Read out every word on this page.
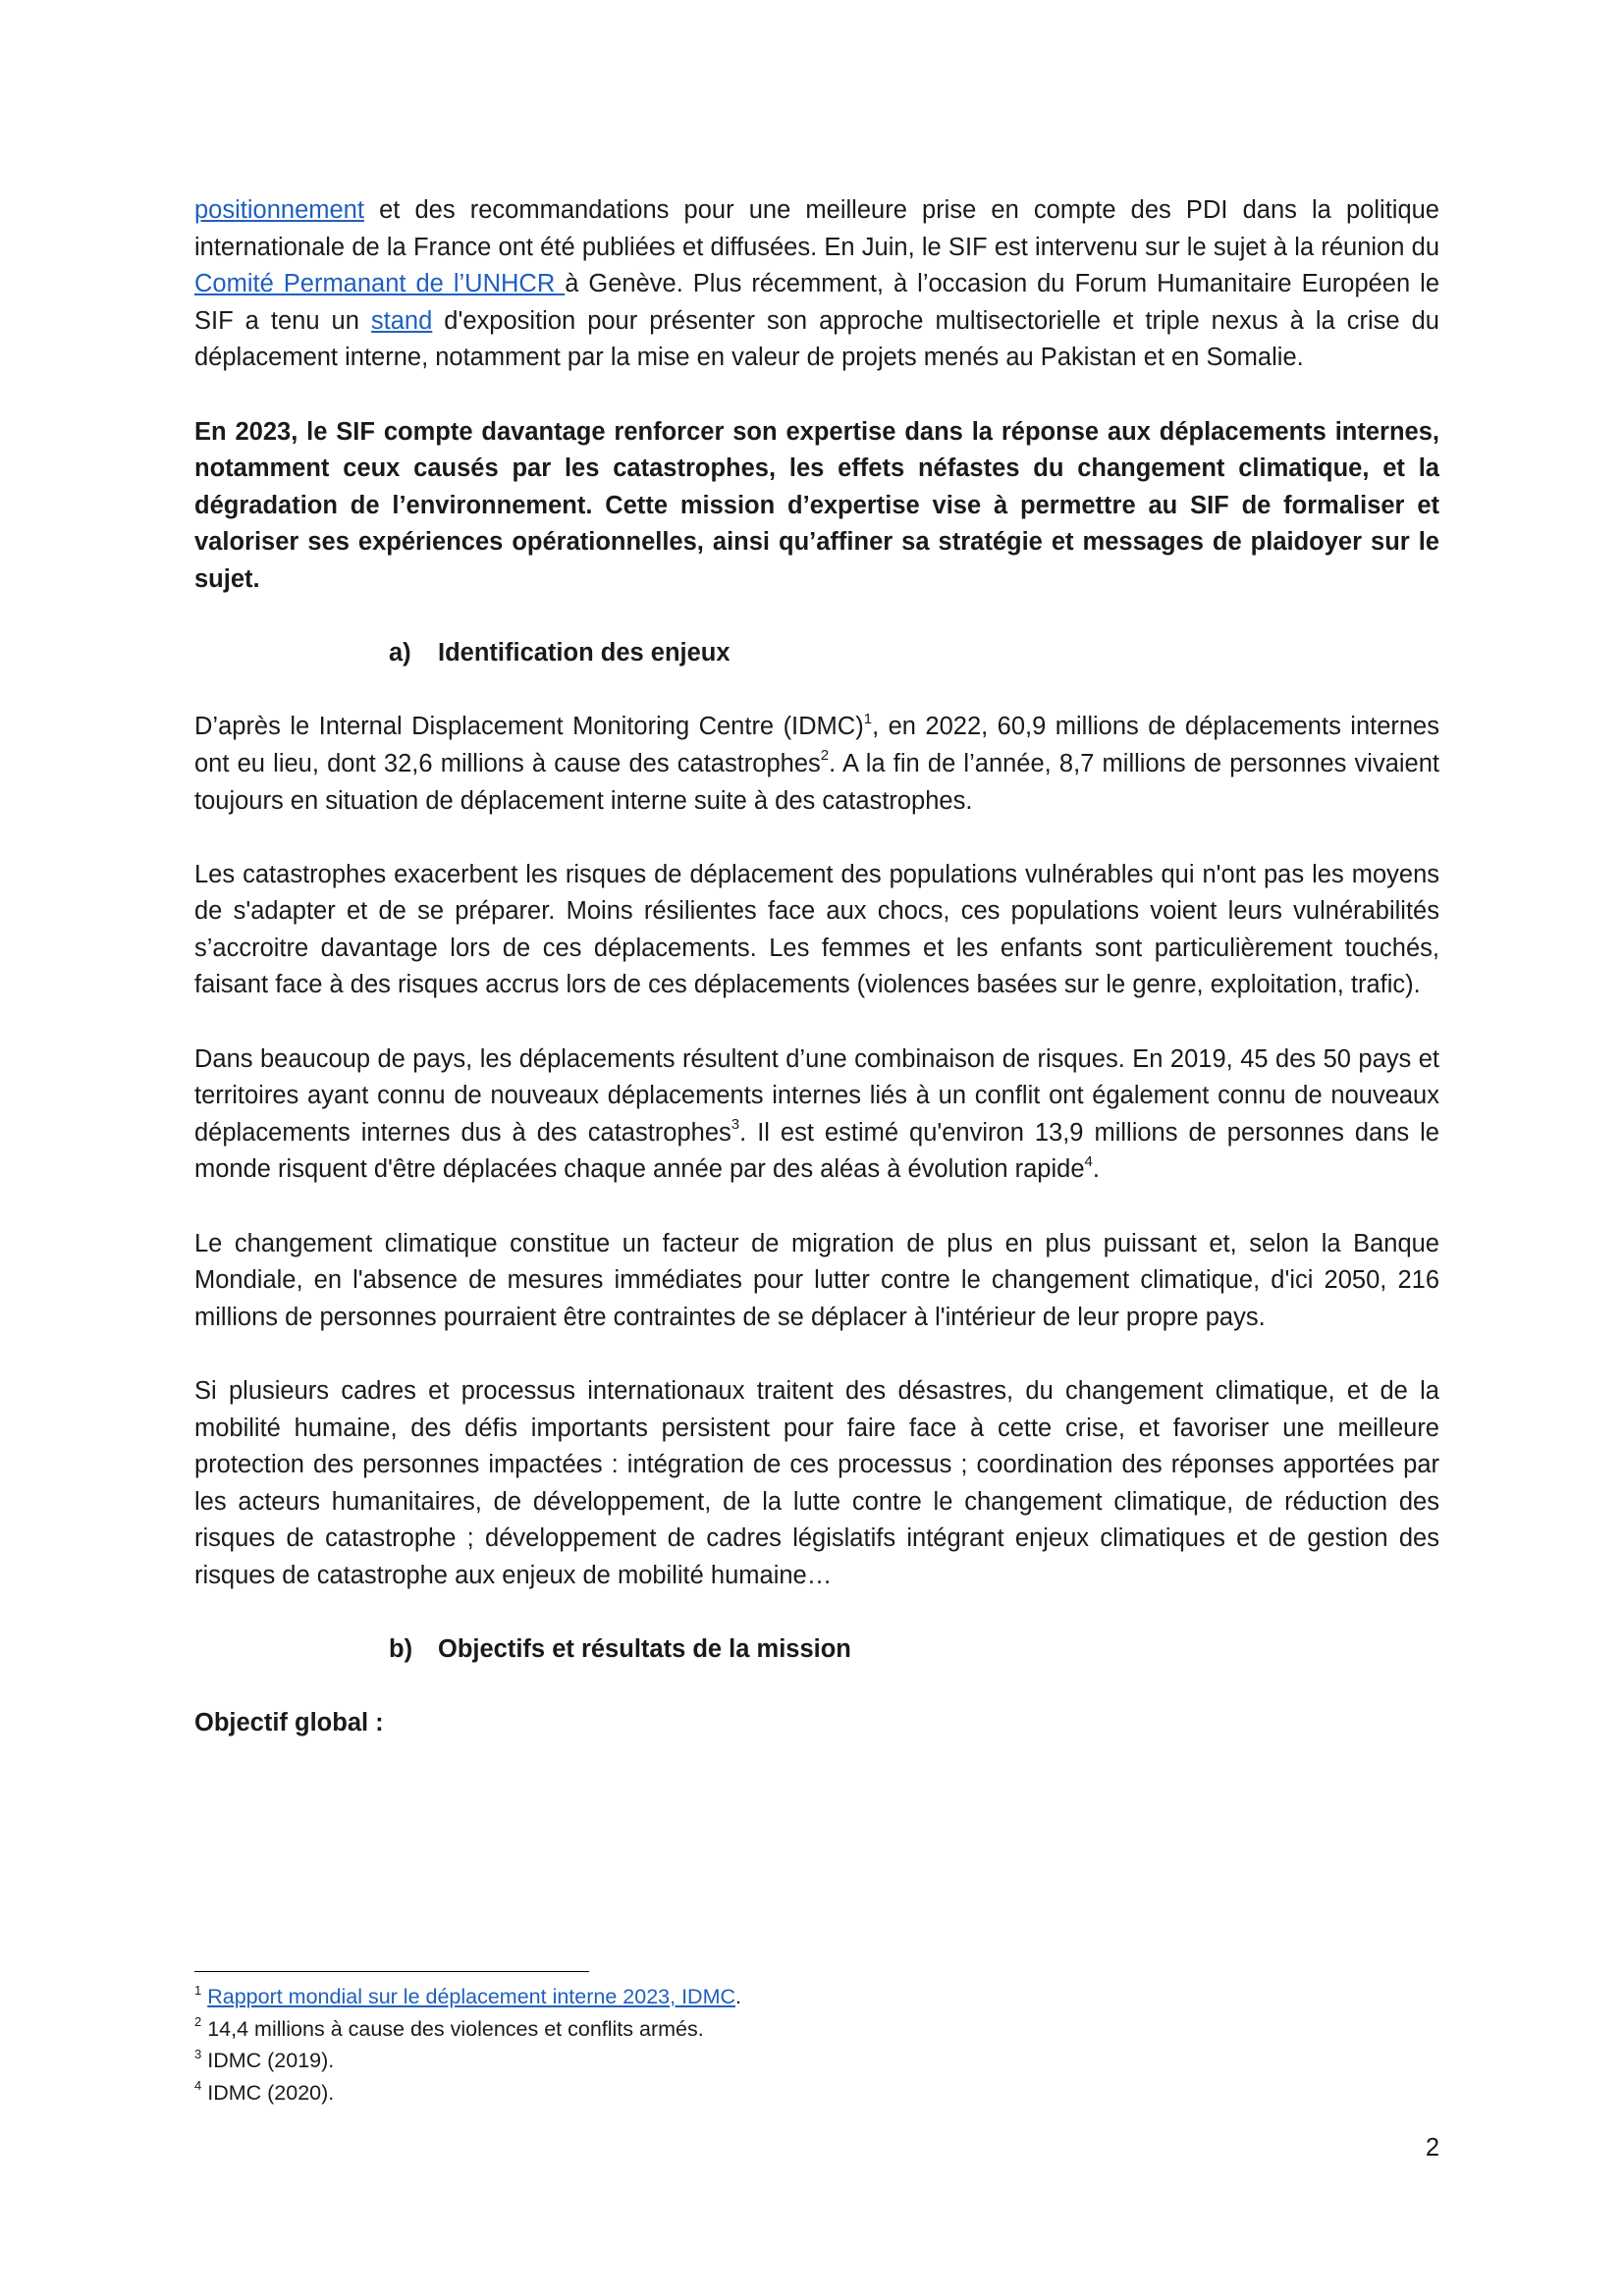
positionnement et des recommandations pour une meilleure prise en compte des PDI dans la politique internationale de la France ont été publiées et diffusées. En Juin, le SIF est intervenu sur le sujet à la réunion du Comité Permanant de l’UNHCR à Genève. Plus récemment, à l’occasion du Forum Humanitaire Européen le SIF a tenu un stand d'exposition pour présenter son approche multisectorielle et triple nexus à la crise du déplacement interne, notamment par la mise en valeur de projets menés au Pakistan et en Somalie.

En 2023, le SIF compte davantage renforcer son expertise dans la réponse aux déplacements internes, notamment ceux causés par les catastrophes, les effets néfastes du changement climatique, et la dégradation de l’environnement. Cette mission d’expertise vise à permettre au SIF de formaliser et valoriser ses expériences opérationnelles, ainsi qu’affiner sa stratégie et messages de plaidoyer sur le sujet.

a) Identification des enjeux

D’après le Internal Displacement Monitoring Centre (IDMC)$^1$, en 2022, 60,9 millions de déplacements internes ont eu lieu, dont 32,6 millions à cause des catastrophes$^2$. A la fin de l’année, 8,7 millions de personnes vivaient toujours en situation de déplacement interne suite à des catastrophes.

Les catastrophes exacerbent les risques de déplacement des populations vulnérables qui n'ont pas les moyens de s'adapter et de se préparer. Moins résilientes face aux chocs, ces populations voient leurs vulnérabilités s’accroitre davantage lors de ces déplacements. Les femmes et les enfants sont particulièrement touchés, faisant face à des risques accrus lors de ces déplacements (violences basées sur le genre, exploitation, trafic).

Dans beaucoup de pays, les déplacements résultent d’une combinaison de risques. En 2019, 45 des 50 pays et territoires ayant connu de nouveaux déplacements internes liés à un conflit ont également connu de nouveaux déplacements internes dus à des catastrophes$^3$. Il est estimé qu'environ 13,9 millions de personnes dans le monde risquent d'être déplacées chaque année par des aléas à évolution rapide$^4$.

Le changement climatique constitue un facteur de migration de plus en plus puissant et, selon la Banque Mondiale, en l'absence de mesures immédiates pour lutter contre le changement climatique, d'ici 2050, 216 millions de personnes pourraient être contraintes de se déplacer à l'intérieur de leur propre pays.

Si plusieurs cadres et processus internationaux traitent des désastres, du changement climatique, et de la mobilité humaine, des défis importants persistent pour faire face à cette crise, et favoriser une meilleure protection des personnes impactées : intégration de ces processus ; coordination des réponses apportées par les acteurs humanitaires, de développement, de la lutte contre le changement climatique, de réduction des risques de catastrophe ; développement de cadres législatifs intégrant enjeux climatiques et de gestion des risques de catastrophe aux enjeux de mobilité humaine…

b) Objectifs et résultats de la mission

Objectif global :

$^1$ Rapport mondial sur le déplacement interne 2023, IDMC.

$^2$ 14,4 millions à cause des violences et conflits armés.

$^3$ IDMC (2019).

$^4$ IDMC (2020).

2
